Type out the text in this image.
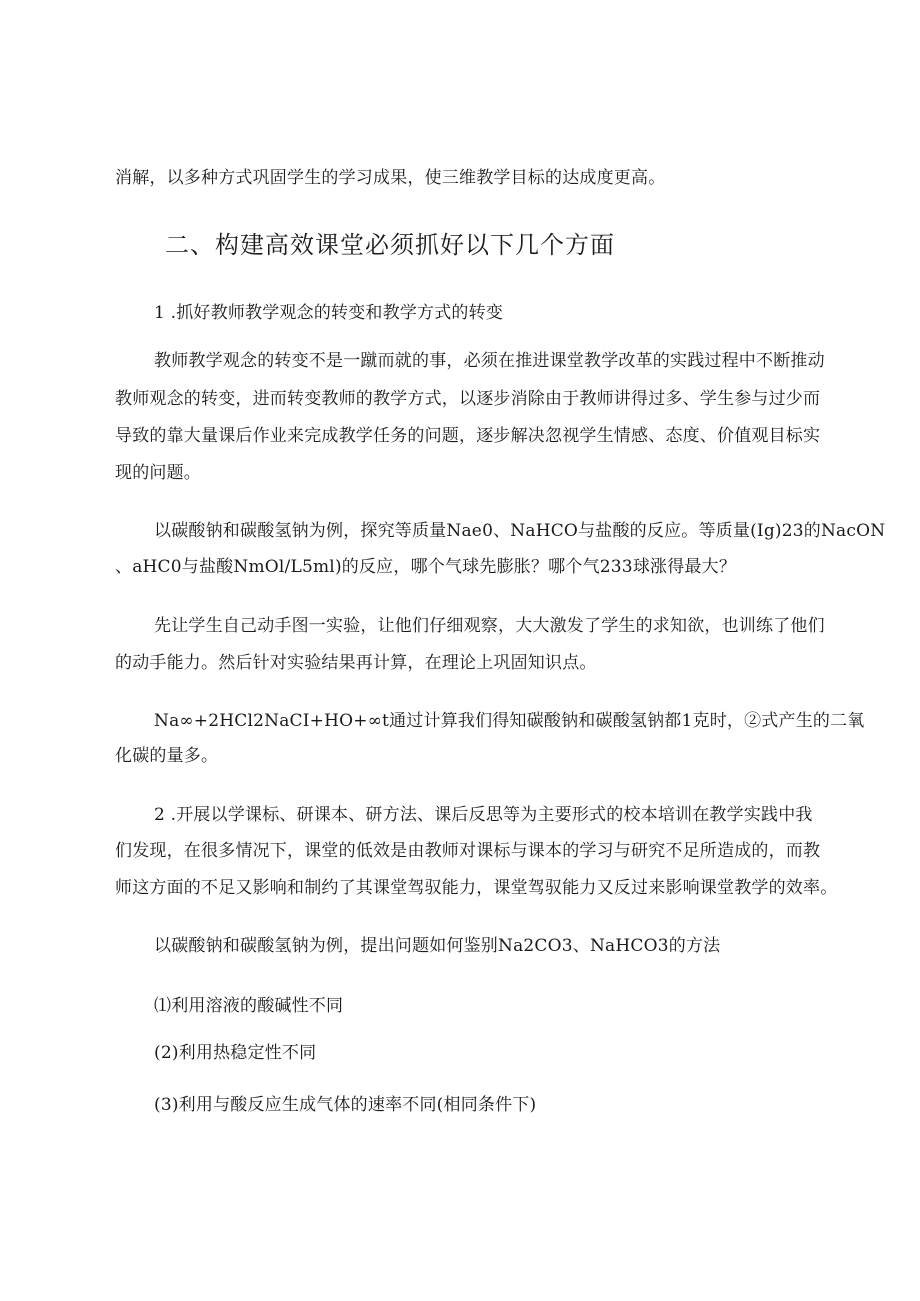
消解，以多种方式巩固学生的学习成果，使三维教学目标的达成度更高。
二、构建高效课堂必须抓好以下几个方面
1 .抓好教师教学观念的转变和教学方式的转变
教师教学观念的转变不是一蹴而就的事，必须在推进课堂教学改革的实践过程中不断推动
教师观念的转变，进而转变教师的教学方式，以逐步消除由于教师讲得过多、学生参与过少而
导致的靠大量课后作业来完成教学任务的问题，逐步解决忽视学生情感、态度、价值观目标实
现的问题。
以碳酸钠和碳酸氢钠为例，探究等质量Nae0、NaHCO与盐酸的反应。等质量(Ig)23的NacON
、aHC0与盐酸NmOl/L5ml)的反应，哪个气球先膨胀？哪个气233球涨得最大？
先让学生自己动手图一实验，让他们仔细观察，大大激发了学生的求知欲，也训练了他们
的动手能力。然后针对实验结果再计算，在理论上巩固知识点。
Na∞+2HCl2NaCI+HO+∞t通过计算我们得知碳酸钠和碳酸氢钠都1克时，②式产生的二氧
化碳的量多。
2 .开展以学课标、研课本、研方法、课后反思等为主要形式的校本培训在教学实践中我
们发现，在很多情况下，课堂的低效是由教师对课标与课本的学习与研究不足所造成的，而教
师这方面的不足又影响和制约了其课堂驾驭能力，课堂驾驭能力又反过来影响课堂教学的效率。
以碳酸钠和碳酸氢钠为例，提出问题如何鉴别Na2CO3、NaHCO3的方法
⑴利用溶液的酸碱性不同
(2)利用热稳定性不同
(3)利用与酸反应生成气体的速率不同(相同条件下)
